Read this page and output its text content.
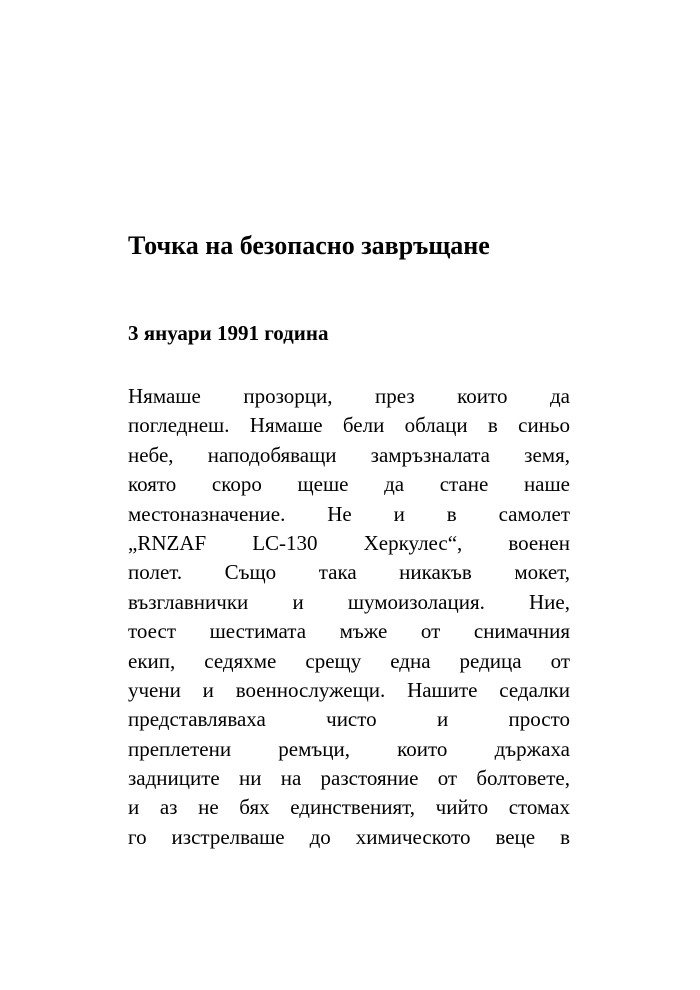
Точка на безопасно завръщане
3 януари 1991 година
Нямаше прозорци, през които да
погледнеш. Нямаше бели облаци в синьо
небе, наподобяващи замръзналата земя,
която скоро щеше да стане наше
местоназначение. Не и в самолет
„RNZAF LC-130 Херкулес“, военен
полет. Също така никакъв мокет,
възглавнички и шумоизолация. Ние,
тоест шестимата мъже от снимачния
екип, седяхме срещу една редица от
учени и военнослужещи. Нашите седалки
представляваха чисто и просто
преплетени ремъци, които държаха
задниците ни на разстояние от болтовете,
и аз не бях единственият, чийто стомах
го изстрелваше до химическото веце в
